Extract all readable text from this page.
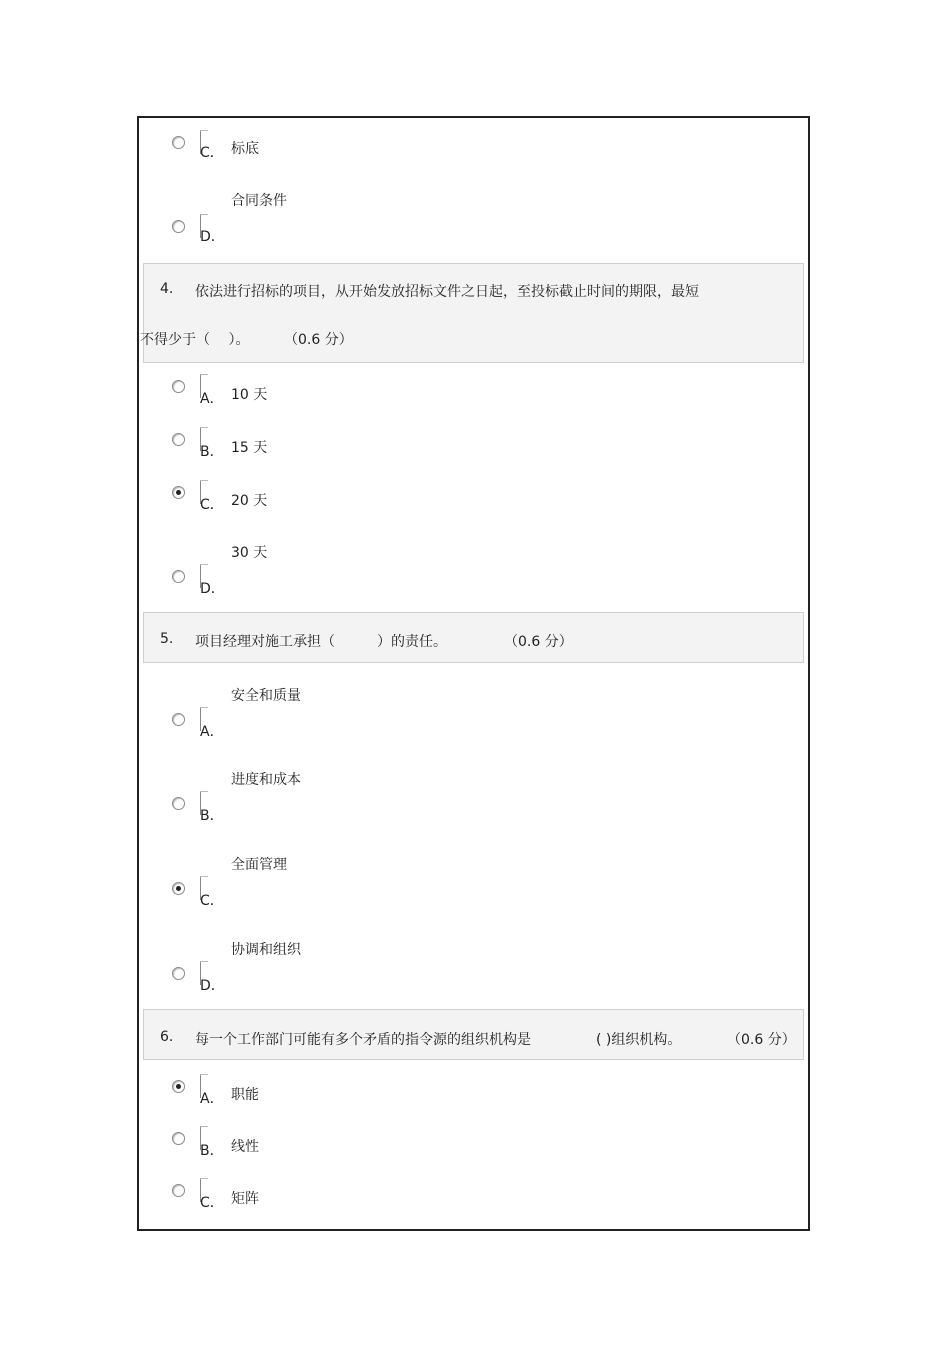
C． 标底
合同条件
D．
4. 依法进行招标的项目，从开始发放招标文件之日起，至投标截止时间的期限，最短
不得少于（　 ）。 （0.6 分）
A． 10 天
B． 15 天
C． 20 天
30 天
D．
5. 项目经理对施工承担（　　　）的责任。	（0.6 分）
安全和质量
A．
进度和成本
B．
全面管理
C．
协调和组织
D．
6. 每一个工作部门可能有多个矛盾的指令源的组织机构是	( )组织机构。	（0.6 分）
A． 职能
B． 线性
C． 矩阵
